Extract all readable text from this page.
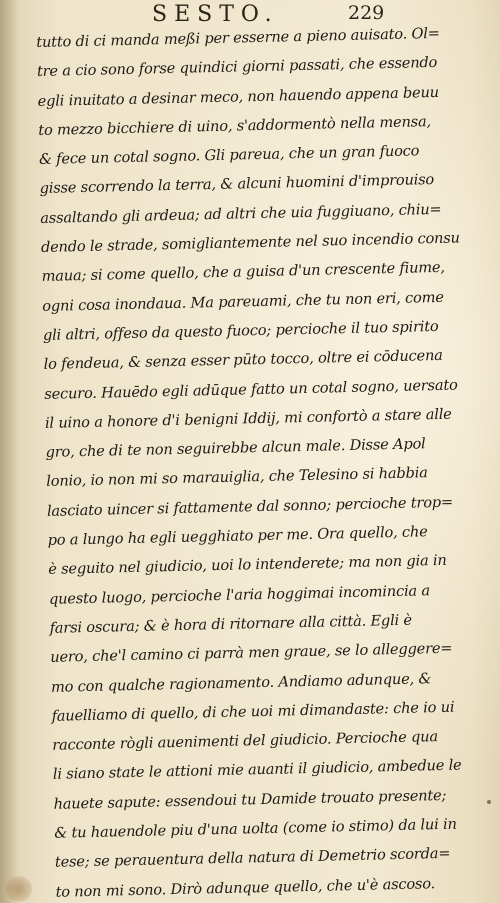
SESTO.	229
tutto di ci manda meßi per esserne a pieno auisato. Ol=
tre a cio sono forse quindici giorni passati, che essendo
egli inuitato a desinar meco, non hauendo appena beuu
to mezzo bicchiere di uino, s'addormentò nella mensa,
& fece un cotal sogno. Gli pareua, che un gran fuoco
gisse scorrendo la terra, & alcuni huomini d'improuiso
assaltando gli ardeua; ad altri che uia fuggiuano, chiu=
dendo le strade, somigliantemente nel suo incendio consu
maua; si come quello, che a guisa d'un crescente fiume,
ogni cosa inondaua. Ma pareuami, che tu non eri, come
gli altri, offeso da questo fuoco; percioche il tuo spirito
lo fendeua, & senza esser pūto tocco, oltre ei cōducena
securo. Hauēdo egli adūque fatto un cotal sogno, uersato
il uino a honore d'i benigni Iddij, mi confortò a stare alle
gro, che di te non seguirebbe alcun male. Disse Apol
lonio, io non mi so marauiglia, che Telesino si habbia
lasciato uincer si fattamente dal sonno; percioche trop=
po a lungo ha egli uegghiato per me. Ora quello, che
è seguito nel giudicio, uoi lo intenderete; ma non gia in
questo luogo, percioche l'aria hoggimai incomincia a
farsi oscura; & è hora di ritornare alla città. Egli è
uero, che'l camino ci parrà men graue, se lo alleggere=
mo con qualche ragionamento. Andiamo adunque, &
fauelliamo di quello, di che uoi mi dimandaste: che io ui
racconte rògli auenimenti del giudicio. Percioche qua
li siano state le attioni mie auanti il giudicio, ambedue le
hauete sapute: essendoui tu Damide trouato presente;
& tu hauendole piu d'una uolta (come io stimo) da lui in
tese; se perauentura della natura di Demetrio scorda=
to non mi sono. Dirò adunque quello, che u'è ascoso.
